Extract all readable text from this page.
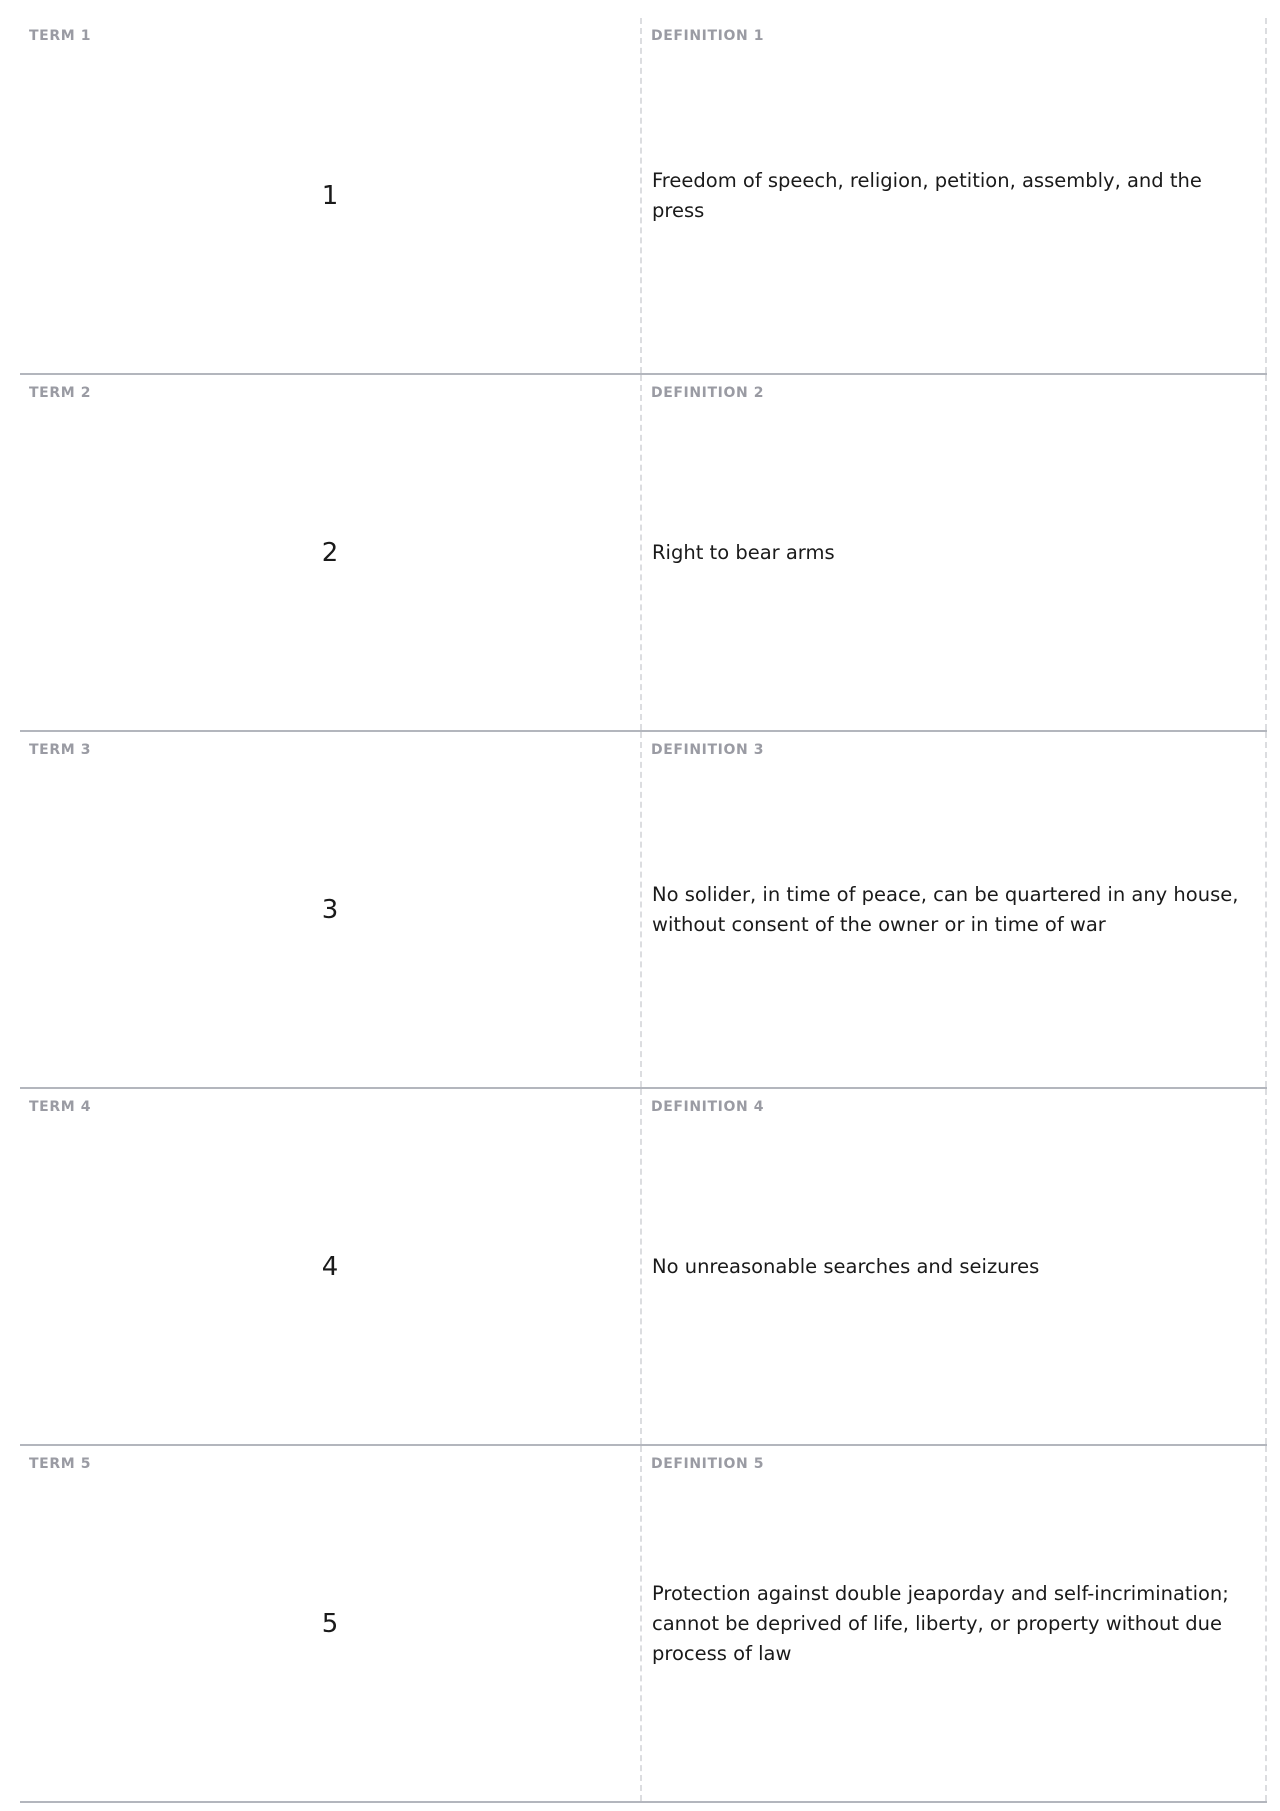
TERM 1
1
DEFINITION 1
Freedom of speech, religion, petition, assembly, and the press
TERM 2
2
DEFINITION 2
Right to bear arms
TERM 3
3
DEFINITION 3
No solider, in time of peace, can be quartered in any house, without consent of the owner or in time of war
TERM 4
4
DEFINITION 4
No unreasonable searches and seizures
TERM 5
5
DEFINITION 5
Protection against double jeaporday and self-incrimination; cannot be deprived of life, liberty, or property without due process of law
